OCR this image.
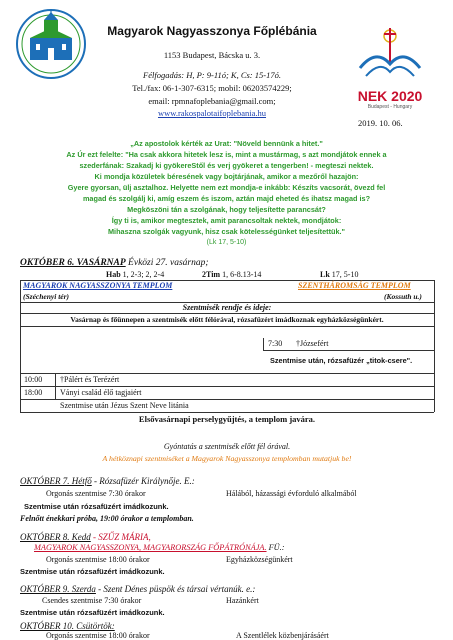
Magyarok Nagyasszonya Főplébánia
1153 Budapest, Bácska u. 3.
Félfogadás: H, P: 9-11ó; K, Cs: 15-17ó.
Tel./fax: 06-1-307-6315; mobil: 06203574229;
email: rpmnafoplebania@gmail.com;
www.rakospalotaifoplebania.hu
NEK 2020
Budapest - Hungary
2019. 10. 06.
„Az apostolok kérték az Urat: "Növeld bennünk a hitet."
Az Úr ezt felelte: "Ha csak akkora hitetek lesz is, mint a mustármag, s azt mondjátok ennek a
szederfának: Szakadj ki gyökereStől és verj gyökeret a tengerben! - megteszi nektek.
Ki mondja közületek béresének vagy bojtárjának, amikor a mezőről hazajön:
Gyere gyorsan, ülj asztalhoz. Helyette nem ezt mondja-e inkább: Készíts vacsorát, övezd fel
magad és szolgálj ki, amíg eszem és iszom, aztán majd eheted és ihatsz magad is?
Megköszöni tán a szolgának, hogy teljesítette parancsát?
Így ti is, amikor megtesztek, amit parancsoltak nektek, mondjátok:
Mihaszna szolgák vagyunk, hisz csak kötelességünket teljesítettük."
(Lk 17, 5-10)
OKTÓBER 6. VASÁRNAP Évközi 27. vasárnap;
Hab 1, 2-3; 2, 2-4	2Tim 1, 6-8.13-14	Lk 17, 5-10
MAGYAROK NAGYASSZONYA TEMPLOM	SZENTHÁROMSÁG TEMPLOM
(Széchenyi tér)	(Kossuth u.)
Szentmisék rendje és ideje:
Vasárnap és főünnepen a szentmisék előtt félórával, rózsafüzért imádkoznak egyházközségünkért.
7:30 †Józsefért
Szentmise után, rózsafüzér „titok-csere".
10:00 †Pálért és Terézért
18:00 Ványi család élő tagjaiért
Szentmise után Jézus Szent Neve litánia
Elsővasárnapi perselygyűjtés, a templom javára.
Gyóntatás a szentmisék előtt fél órával.
A hétköznapi szentmiséket a Magyarok Nagyasszonya templomban mutatjuk be!
OKTÓBER 7. Hétfő - Rózsafüzér Királynője. E.:
Orgonás szentmise 7:30 órakor	Hálából, házassági évforduló alkalmából
Szentmise után rózsafüzért imádkozunk.
Felnőtt énekkari próba, 19:00 órakor a templomban.
OKTÓBER 8. Kedd - SZŰZ MÁRIA,
MAGYAROK NAGYASSZONYA, MAGYARORSZÁG FŐPÁTRÓNÁJA. FÜ.:
Orgonás szentmise 18:00 órakor	Egyházközségünkért
Szentmise után rózsafüzért imádkozunk.
OKTÓBER 9. Szerda - Szent Dénes püspök és társai vértanúk. e.:
Csendes szentmise 7:30 órakor	Hazánkért
Szentmise után rózsafüzért imádkozunk.
OKTÓBER 10. Csütörtök:
Orgonás szentmise 18:00 órakor	A Szentlélek közbenjárásáért
